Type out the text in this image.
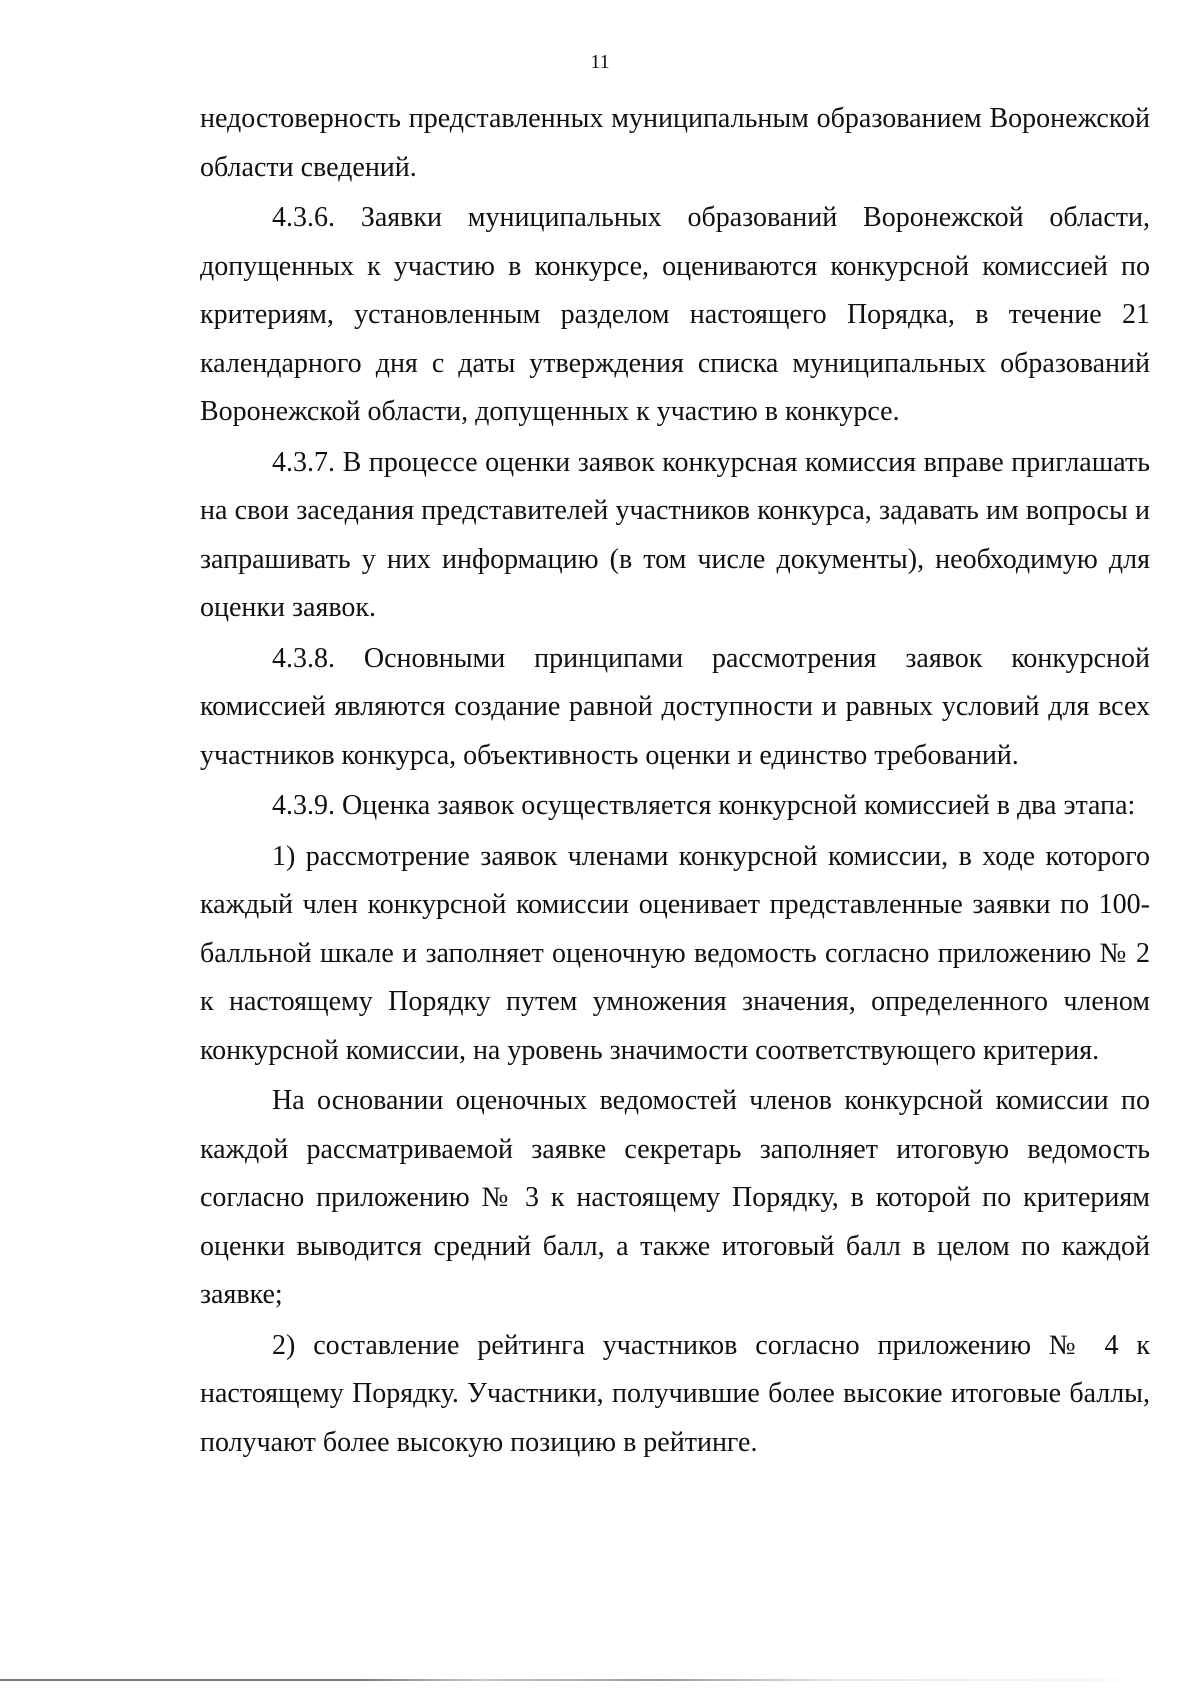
11

недостоверность представленных муниципальным образованием Воронежской области сведений.

4.3.6. Заявки муниципальных образований Воронежской области, допущенных к участию в конкурсе, оцениваются конкурсной комиссией по критериям, установленным разделом настоящего Порядка, в течение 21 календарного дня с даты утверждения списка муниципальных образований Воронежской области, допущенных к участию в конкурсе.

4.3.7. В процессе оценки заявок конкурсная комиссия вправе приглашать на свои заседания представителей участников конкурса, задавать им вопросы и запрашивать у них информацию (в том числе документы), необходимую для оценки заявок.

4.3.8. Основными принципами рассмотрения заявок конкурсной комиссией являются создание равной доступности и равных условий для всех участников конкурса, объективность оценки и единство требований.

4.3.9. Оценка заявок осуществляется конкурсной комиссией в два этапа:

1) рассмотрение заявок членами конкурсной комиссии, в ходе которого каждый член конкурсной комиссии оценивает представленные заявки по 100-балльной шкале и заполняет оценочную ведомость согласно приложению № 2 к настоящему Порядку путем умножения значения, определенного членом конкурсной комиссии, на уровень значимости соответствующего критерия.

На основании оценочных ведомостей членов конкурсной комиссии по каждой рассматриваемой заявке секретарь заполняет итоговую ведомость согласно приложению № 3 к настоящему Порядку, в которой по критериям оценки выводится средний балл, а также итоговый балл в целом по каждой заявке;

2) составление рейтинга участников согласно приложению № 4 к настоящему Порядку. Участники, получившие более высокие итоговые баллы, получают более высокую позицию в рейтинге.
